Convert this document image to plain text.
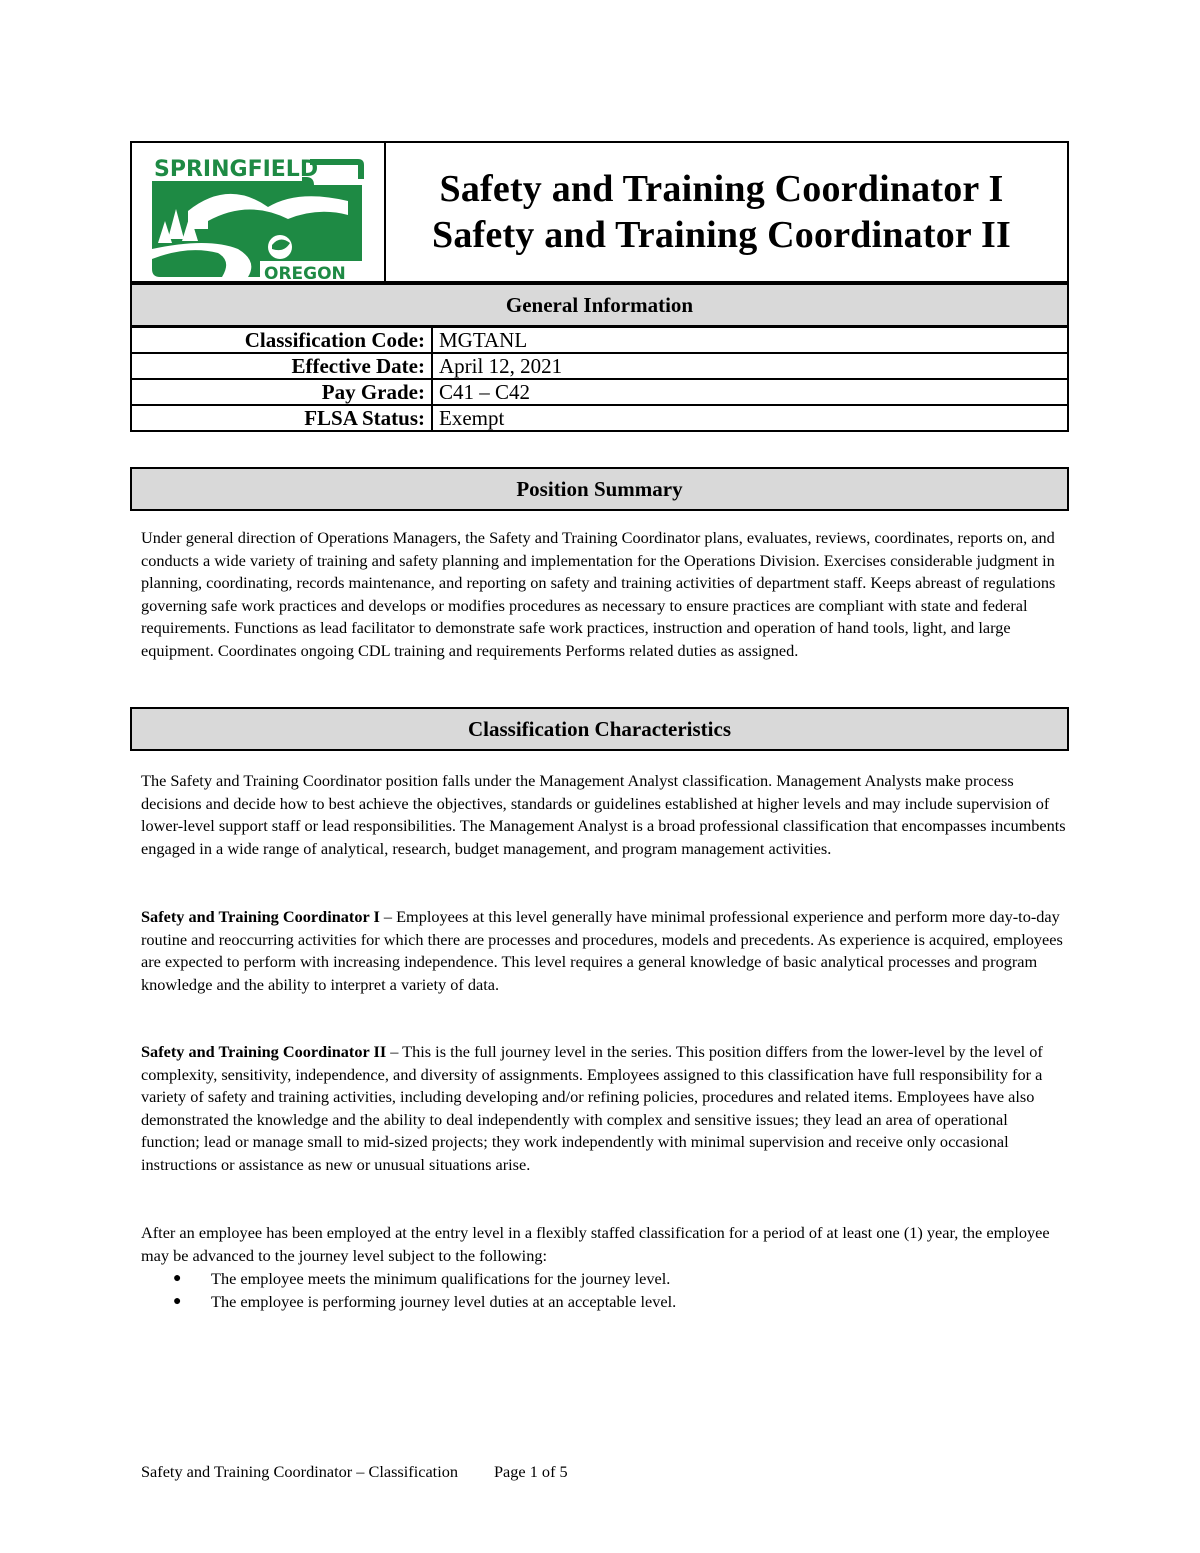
SPRINGFIELD
OREGON
Safety and Training Coordinator I
Safety and Training Coordinator II
General Information
Classification Code:	MGTANL
Effective Date:	April 12, 2021
Pay Grade:	C41 – C42
FLSA Status:	Exempt
Position Summary

Under general direction of Operations Managers, the Safety and Training Coordinator plans, evaluates, reviews, coordinates, reports on, and conducts a wide variety of training and safety planning and implementation for the Operations Division. Exercises considerable judgment in planning, coordinating, records maintenance, and reporting on safety and training activities of department staff. Keeps abreast of regulations governing safe work practices and develops or modifies procedures as necessary to ensure practices are compliant with state and federal requirements. Functions as lead facilitator to demonstrate safe work practices, instruction and operation of hand tools, light, and large equipment. Coordinates ongoing CDL training and requirements Performs related duties as assigned.

Classification Characteristics

The Safety and Training Coordinator position falls under the Management Analyst classification. Management Analysts make process decisions and decide how to best achieve the objectives, standards or guidelines established at higher levels and may include supervision of lower-level support staff or lead responsibilities. The Management Analyst is a broad professional classification that encompasses incumbents engaged in a wide range of analytical, research, budget management, and program management activities.

Safety and Training Coordinator I – Employees at this level generally have minimal professional experience and perform more day-to-day routine and reoccurring activities for which there are processes and procedures, models and precedents. As experience is acquired, employees are expected to perform with increasing independence. This level requires a general knowledge of basic analytical processes and program knowledge and the ability to interpret a variety of data.

Safety and Training Coordinator II – This is the full journey level in the series. This position differs from the lower-level by the level of complexity, sensitivity, independence, and diversity of assignments. Employees assigned to this classification have full responsibility for a variety of safety and training activities, including developing and/or refining policies, procedures and related items. Employees have also demonstrated the knowledge and the ability to deal independently with complex and sensitive issues; they lead an area of operational function; lead or manage small to mid-sized projects; they work independently with minimal supervision and receive only occasional instructions or assistance as new or unusual situations arise.

After an employee has been employed at the entry level in a flexibly staffed classification for a period of at least one (1) year, the employee may be advanced to the journey level subject to the following:

● The employee meets the minimum qualifications for the journey level.
● The employee is performing journey level duties at an acceptable level.
Safety and Training Coordinator – Classification Page 1 of 5
